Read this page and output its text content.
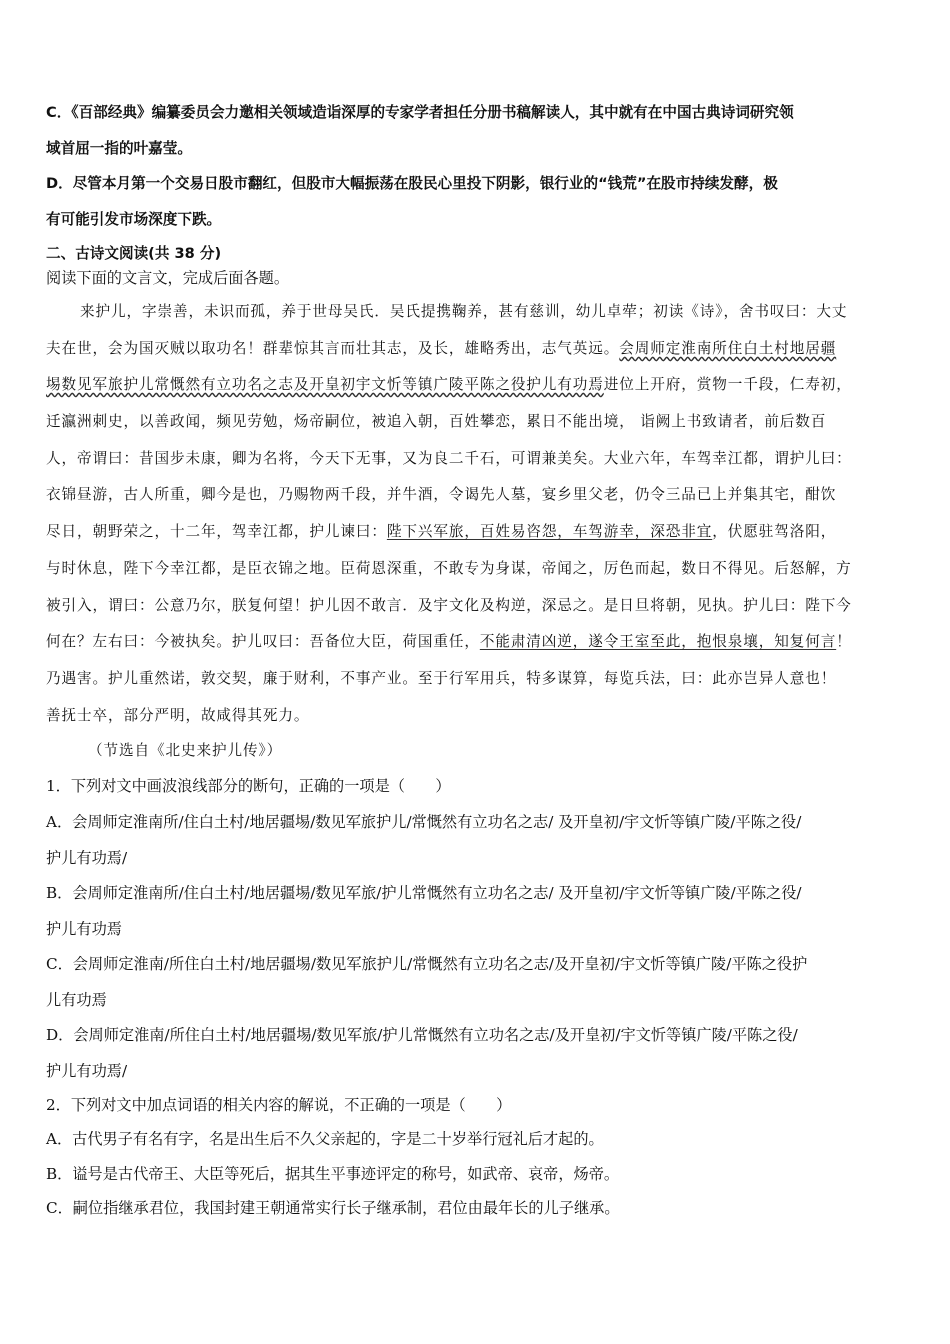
C．《百部经典》编纂委员会力邀相关领域造诣深厚的专家学者担任分册书稿解读人，其中就有在中国古典诗词研究领
域首屈一指的叶嘉莹。
D．尽管本月第一个交易日股市翻红，但股市大幅振荡在股民心里投下阴影，银行业的“钱荒”在股市持续发酵，极
有可能引发市场深度下跌。
二、古诗文阅读(共 38 分)
阅读下面的文言文，完成后面各题。
来护儿，字崇善，未识而孤，养于世母吴氏．吴氏提携鞠养，甚有慈训，幼儿卓荦；初读《诗》，舍书叹曰：大丈
夫在世，会为国灭贼以取功名！群辈惊其言而壮其志，及长，雄略秀出，志气英远。会周师定淮南所住白土村地居疆
埸数见军旅护儿常慨然有立功名之志及开皇初宇文忻等镇广陵平陈之役护儿有功焉进位上开府，赏物一千段，仁寿初，
迁瀛洲刺史，以善政闻，频见劳勉，炀帝嗣位，被追入朝，百姓攀恋，累日不能出境， 诣阙上书致请者，前后数百
人，帝谓曰：昔国步未康，卿为名将，今天下无事，又为良二千石，可谓兼美矣。大业六年，车驾幸江都，谓护儿曰：
衣锦昼游，古人所重，卿今是也，乃赐物两千段，并牛酒，令谒先人墓，宴乡里父老，仍令三品已上并集其宅，酣饮
尽日，朝野荣之，十二年，驾幸江都，护儿谏曰：陛下兴军旅，百姓易咨怨，车驾游幸，深恐非宜，伏愿驻驾洛阳，
与时休息，陛下今幸江都，是臣衣锦之地。臣荷恩深重，不敢专为身谋，帝闻之，厉色而起，数日不得见。后怒解，方
被引入，谓曰：公意乃尔，朕复何望！护儿因不敢言．及宇文化及构逆，深忌之。是日旦将朝，见执。护儿曰：陛下今
何在？左右曰：今被执矣。护儿叹曰：吾备位大臣，荷国重任，不能肃清凶逆，遂令王室至此，抱恨泉壤，知复何言！
乃遇害。护儿重然诺，敦交契，廉于财利，不事产业。至于行军用兵，特多谋算，每览兵法，曰：此亦岂异人意也！
善抚士卒，部分严明，故咸得其死力。
（节选自《北史来护儿传》）
1．下列对文中画波浪线部分的断句，正确的一项是（　　）
A．会周师定淮南所/住白土村/地居疆埸/数见军旅护儿/常慨然有立功名之志/ 及开皇初/宇文忻等镇广陵/平陈之役/
护儿有功焉/
B．会周师定淮南所/住白土村/地居疆埸/数见军旅/护儿常慨然有立功名之志/ 及开皇初/宇文忻等镇广陵/平陈之役/
护儿有功焉
C．会周师定淮南/所住白土村/地居疆埸/数见军旅护儿/常慨然有立功名之志/及开皇初/宇文忻等镇广陵/平陈之役护
儿有功焉
D．会周师定淮南/所住白土村/地居疆埸/数见军旅/护儿常慨然有立功名之志/及开皇初/宇文忻等镇广陵/平陈之役/
护儿有功焉/
2．下列对文中加点词语的相关内容的解说，不正确的一项是（　　）
A．古代男子有名有字，名是出生后不久父亲起的，字是二十岁举行冠礼后才起的。
B．谥号是古代帝王、大臣等死后，据其生平事迹评定的称号，如武帝、哀帝，炀帝。
C．嗣位指继承君位，我国封建王朝通常实行长子继承制，君位由最年长的儿子继承。
